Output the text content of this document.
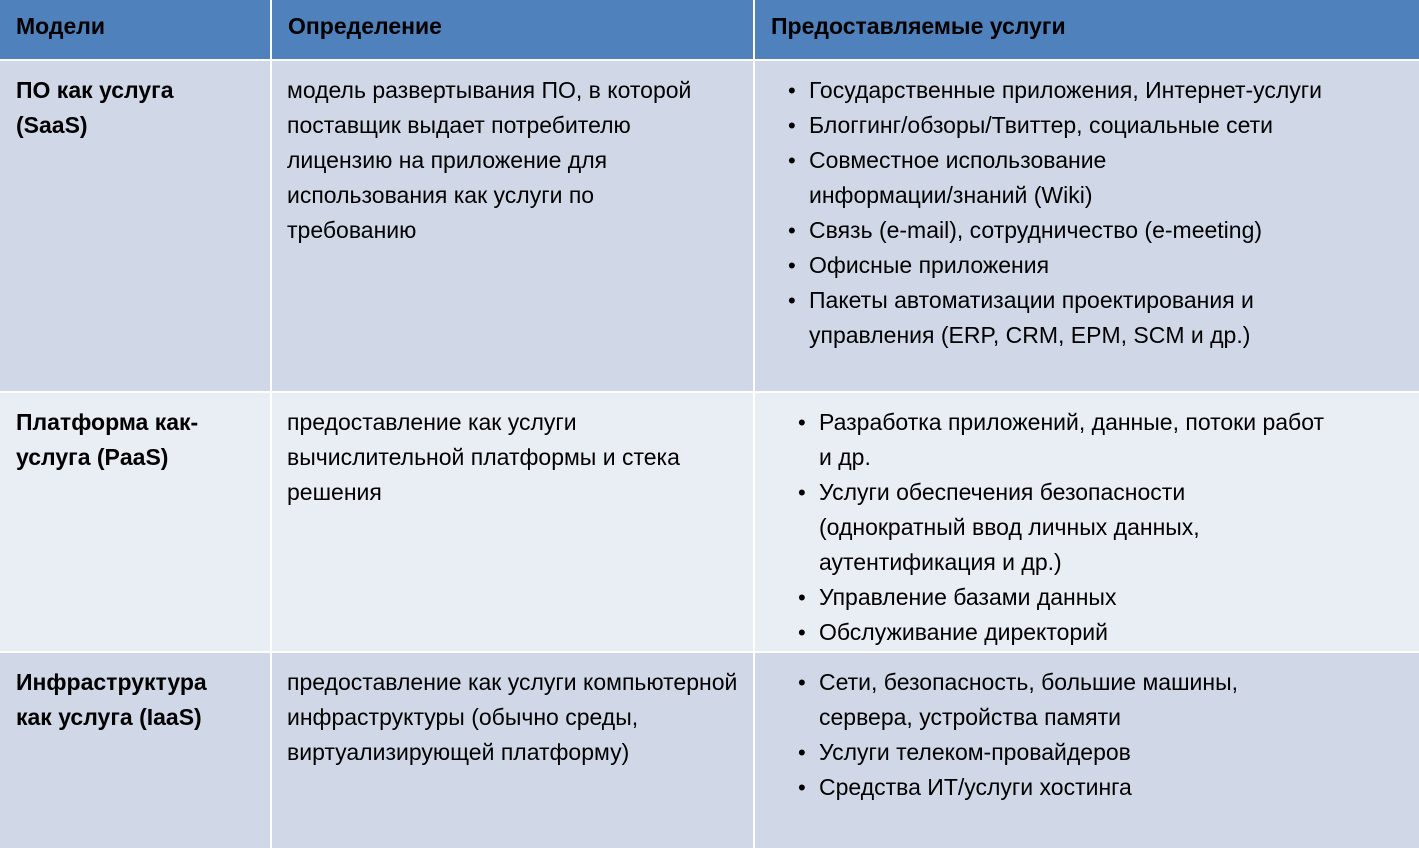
Модели	Определение	Предоставляемые услуги
ПО как услуга (SaaS)
модель развертывания ПО, в которой поставщик выдает потребителю лицензию на приложение для использования как услуги по требованию
• Государственные приложения, Интернет-услуги
• Блоггинг/обзоры/Твиттер, социальные сети
• Совместное использование информации/знаний (Wiki)
• Связь (e-mail), сотрудничество (e-meeting)
• Офисные приложения
• Пакеты автоматизации проектирования и управления (ERP, CRM, EPM, SCM и др.)
Платформа как-услуга (PaaS)
предоставление как услуги вычислительной платформы и стека решения
• Разработка приложений, данные, потоки работ и др.
• Услуги обеспечения безопасности (однократный ввод личных данных, аутентификация и др.)
• Управление базами данных
• Обслуживание директорий
Инфраструктура как услуга (IaaS)
предоставление как услуги компьютерной инфраструктуры (обычно среды, виртуализирующей платформу)
• Сети, безопасность, большие машины, сервера, устройства памяти
• Услуги телеком-провайдеров
• Средства ИТ/услуги хостинга
